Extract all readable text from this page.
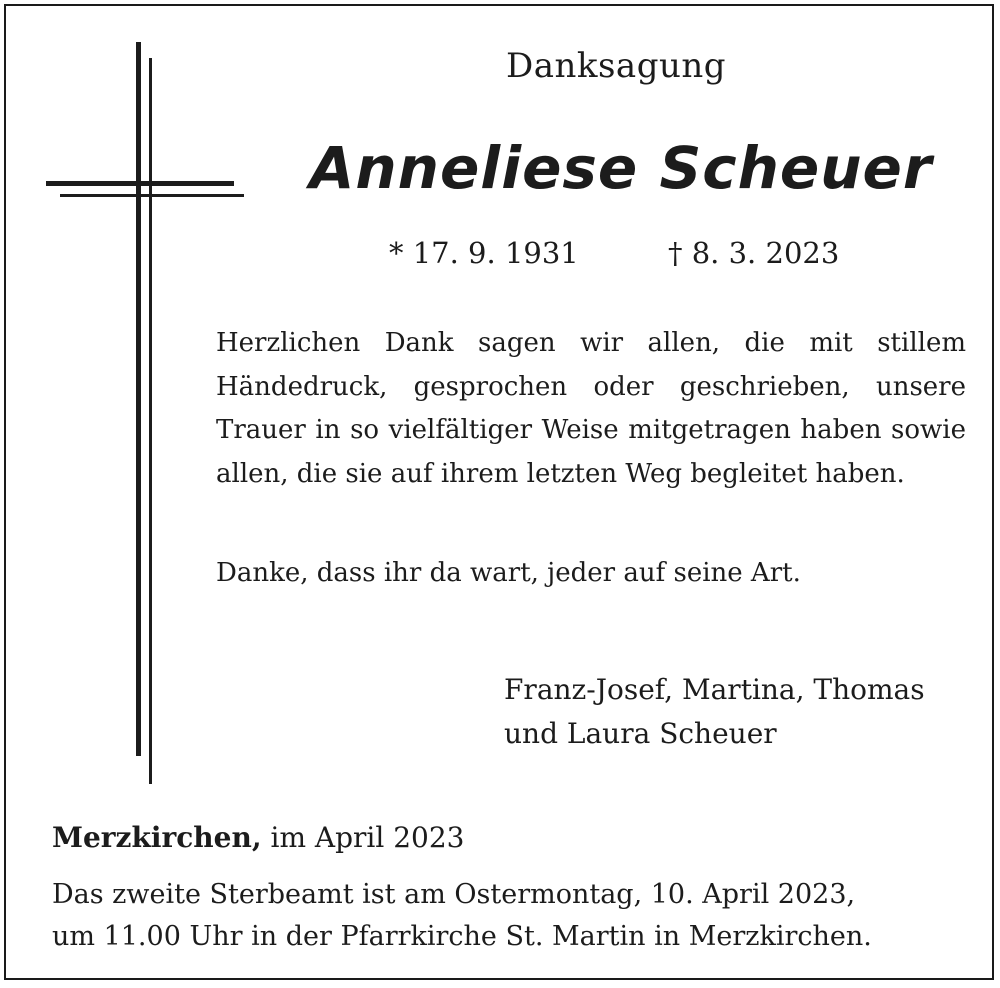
Danksagung
Anneliese Scheuer
* 17. 9. 1931	† 8. 3. 2023

Herzlichen Dank sagen wir allen, die mit stillem Händedruck, gesprochen oder geschrieben, unsere Trauer in so vielfältiger Weise mitgetragen haben sowie allen, die sie auf ihrem letzten Weg begleitet haben.

Danke, dass ihr da wart, jeder auf seine Art.
Franz-Josef, Martina, Thomas
und Laura Scheuer
Merzkirchen, im April 2023
Das zweite Sterbeamt ist am Ostermontag, 10. April 2023,
um 11.00 Uhr in der Pfarrkirche St. Martin in Merzkirchen.
